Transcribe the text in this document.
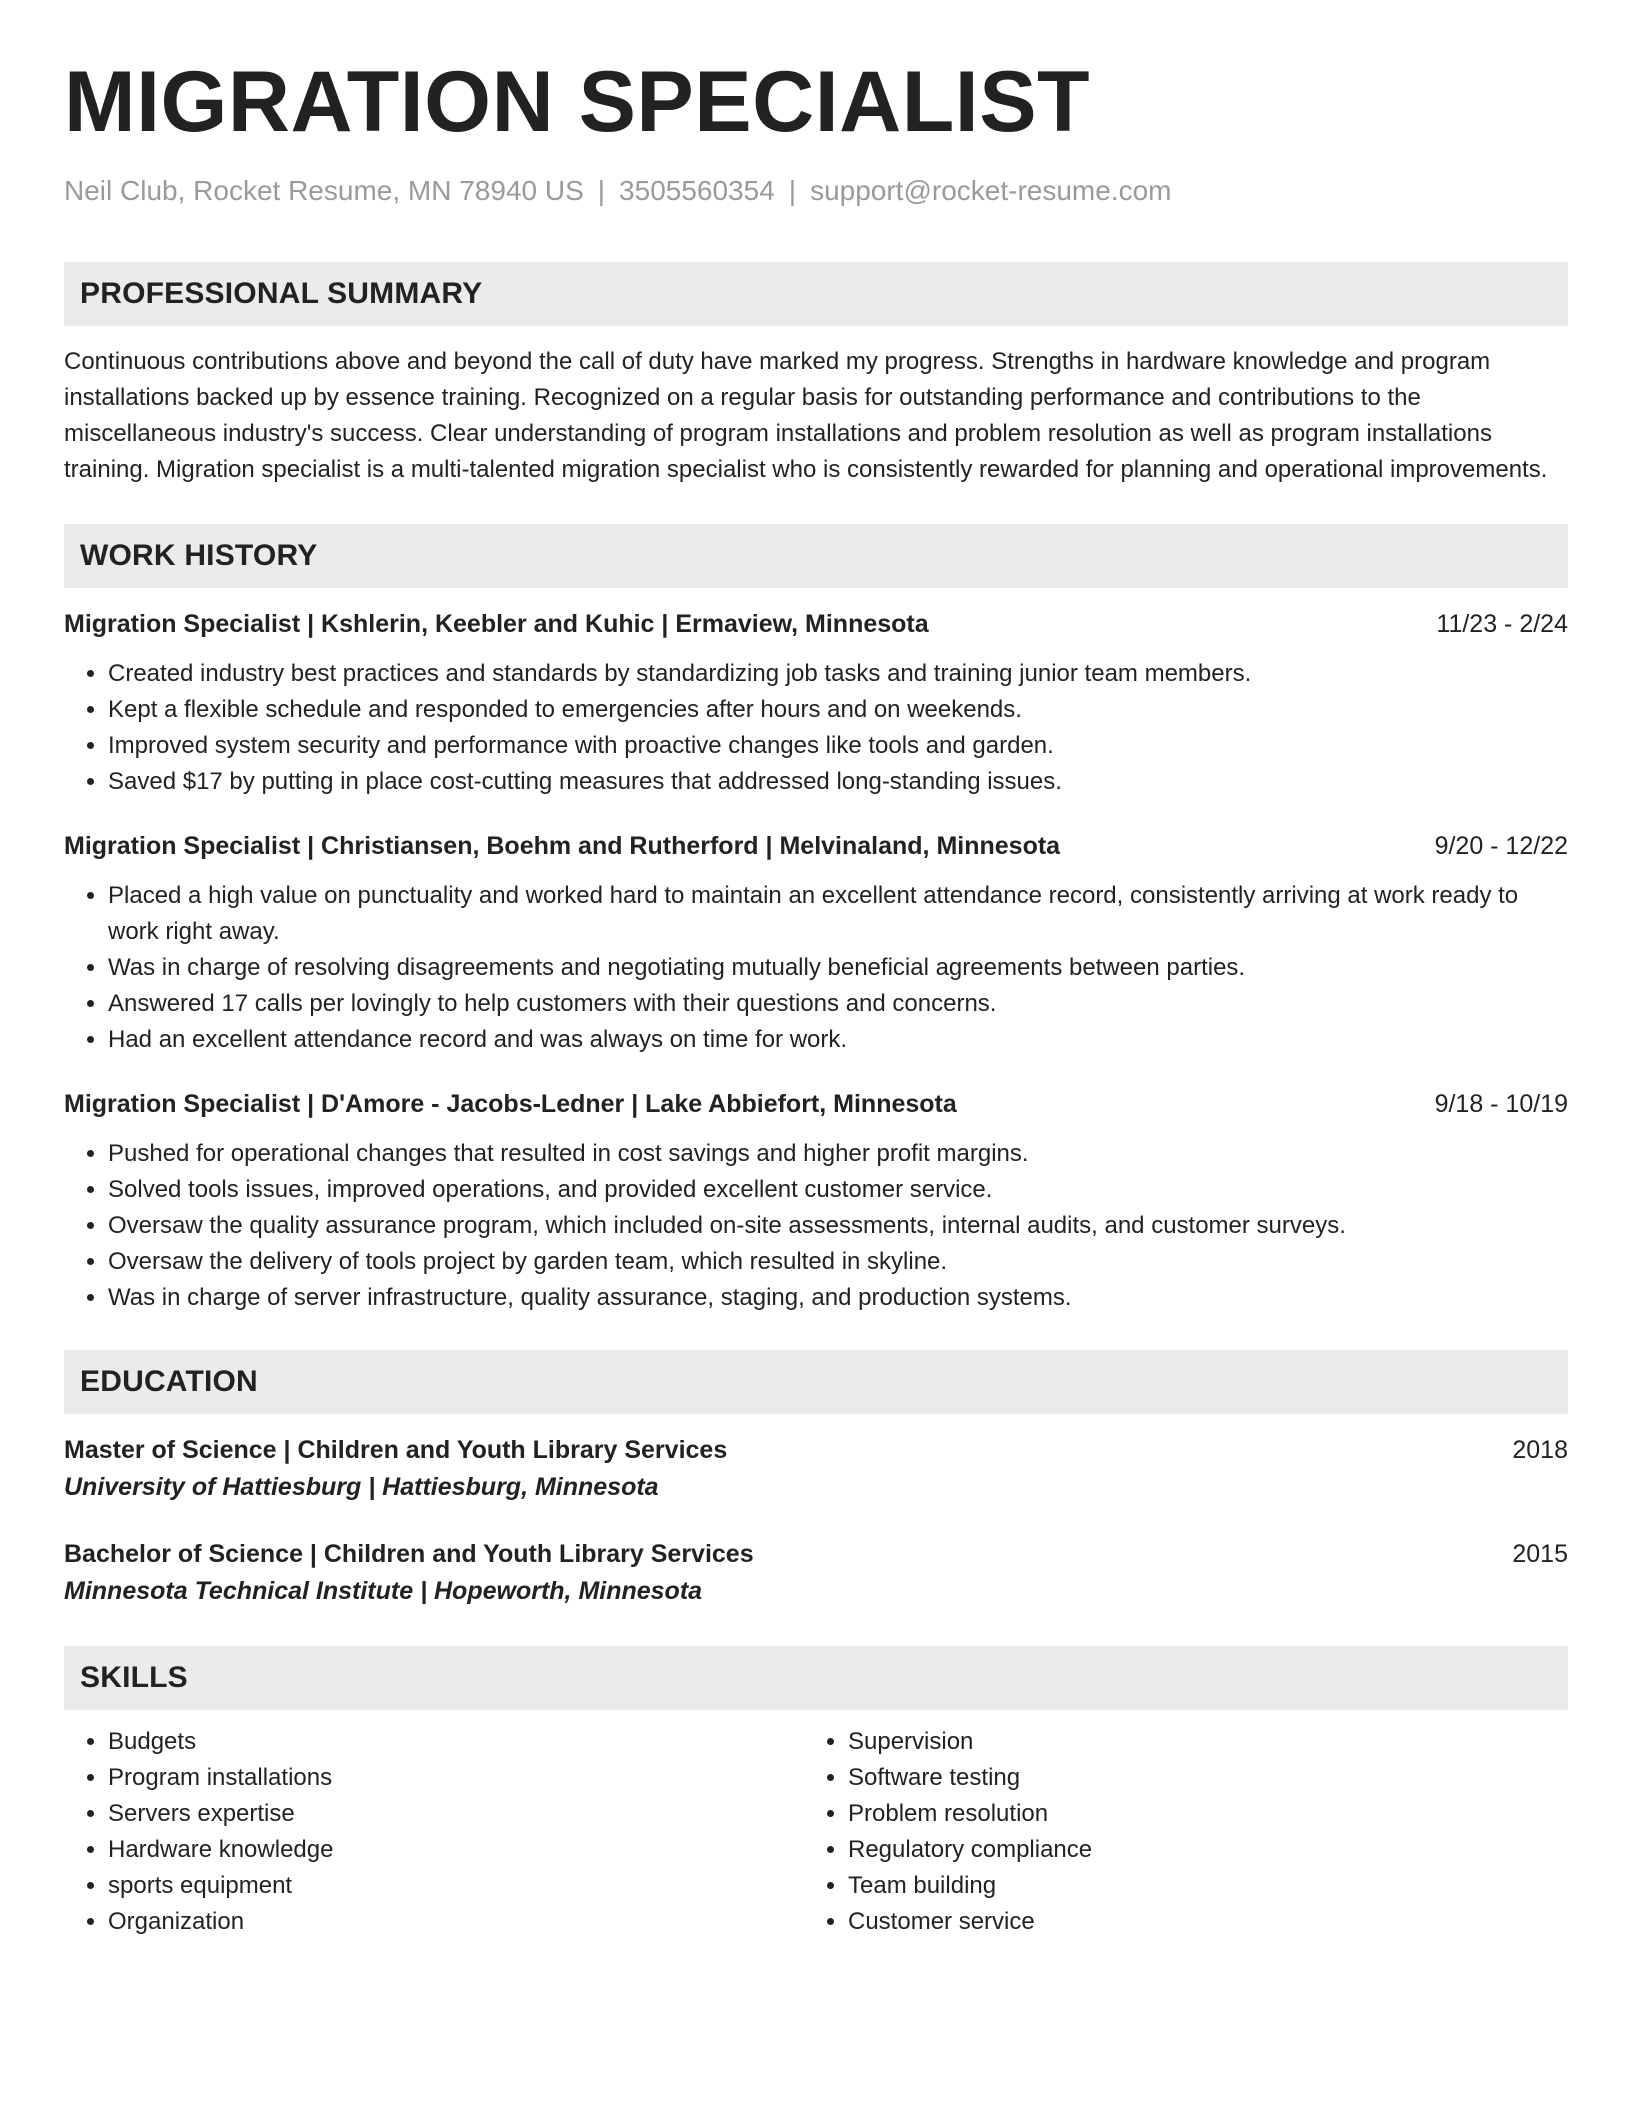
MIGRATION SPECIALIST
Neil Club, Rocket Resume, MN 78940 US | 3505560354 | support@rocket-resume.com
PROFESSIONAL SUMMARY

Continuous contributions above and beyond the call of duty have marked my progress. Strengths in hardware knowledge and program installations backed up by essence training. Recognized on a regular basis for outstanding performance and contributions to the miscellaneous industry's success. Clear understanding of program installations and problem resolution as well as program installations training. Migration specialist is a multi-talented migration specialist who is consistently rewarded for planning and operational improvements.

WORK HISTORY
Migration Specialist | Kshlerin, Keebler and Kuhic | Ermaview, Minnesota	11/23 - 2/24
• Created industry best practices and standards by standardizing job tasks and training junior team members.
• Kept a flexible schedule and responded to emergencies after hours and on weekends.
• Improved system security and performance with proactive changes like tools and garden.
• Saved $17 by putting in place cost-cutting measures that addressed long-standing issues.
Migration Specialist | Christiansen, Boehm and Rutherford | Melvinaland, Minnesota	9/20 - 12/22
• Placed a high value on punctuality and worked hard to maintain an excellent attendance record, consistently arriving at work ready to work right away.
• Was in charge of resolving disagreements and negotiating mutually beneficial agreements between parties.
• Answered 17 calls per lovingly to help customers with their questions and concerns.
• Had an excellent attendance record and was always on time for work.
Migration Specialist | D'Amore - Jacobs-Ledner | Lake Abbiefort, Minnesota	9/18 - 10/19
• Pushed for operational changes that resulted in cost savings and higher profit margins.
• Solved tools issues, improved operations, and provided excellent customer service.
• Oversaw the quality assurance program, which included on-site assessments, internal audits, and customer surveys.
• Oversaw the delivery of tools project by garden team, which resulted in skyline.
• Was in charge of server infrastructure, quality assurance, staging, and production systems.
EDUCATION
Master of Science | Children and Youth Library Services	2018
University of Hattiesburg | Hattiesburg, Minnesota
Bachelor of Science | Children and Youth Library Services	2015
Minnesota Technical Institute | Hopeworth, Minnesota
SKILLS
• Budgets
• Program installations
• Servers expertise
• Hardware knowledge
• sports equipment
• Organization
• Supervision
• Software testing
• Problem resolution
• Regulatory compliance
• Team building
• Customer service
